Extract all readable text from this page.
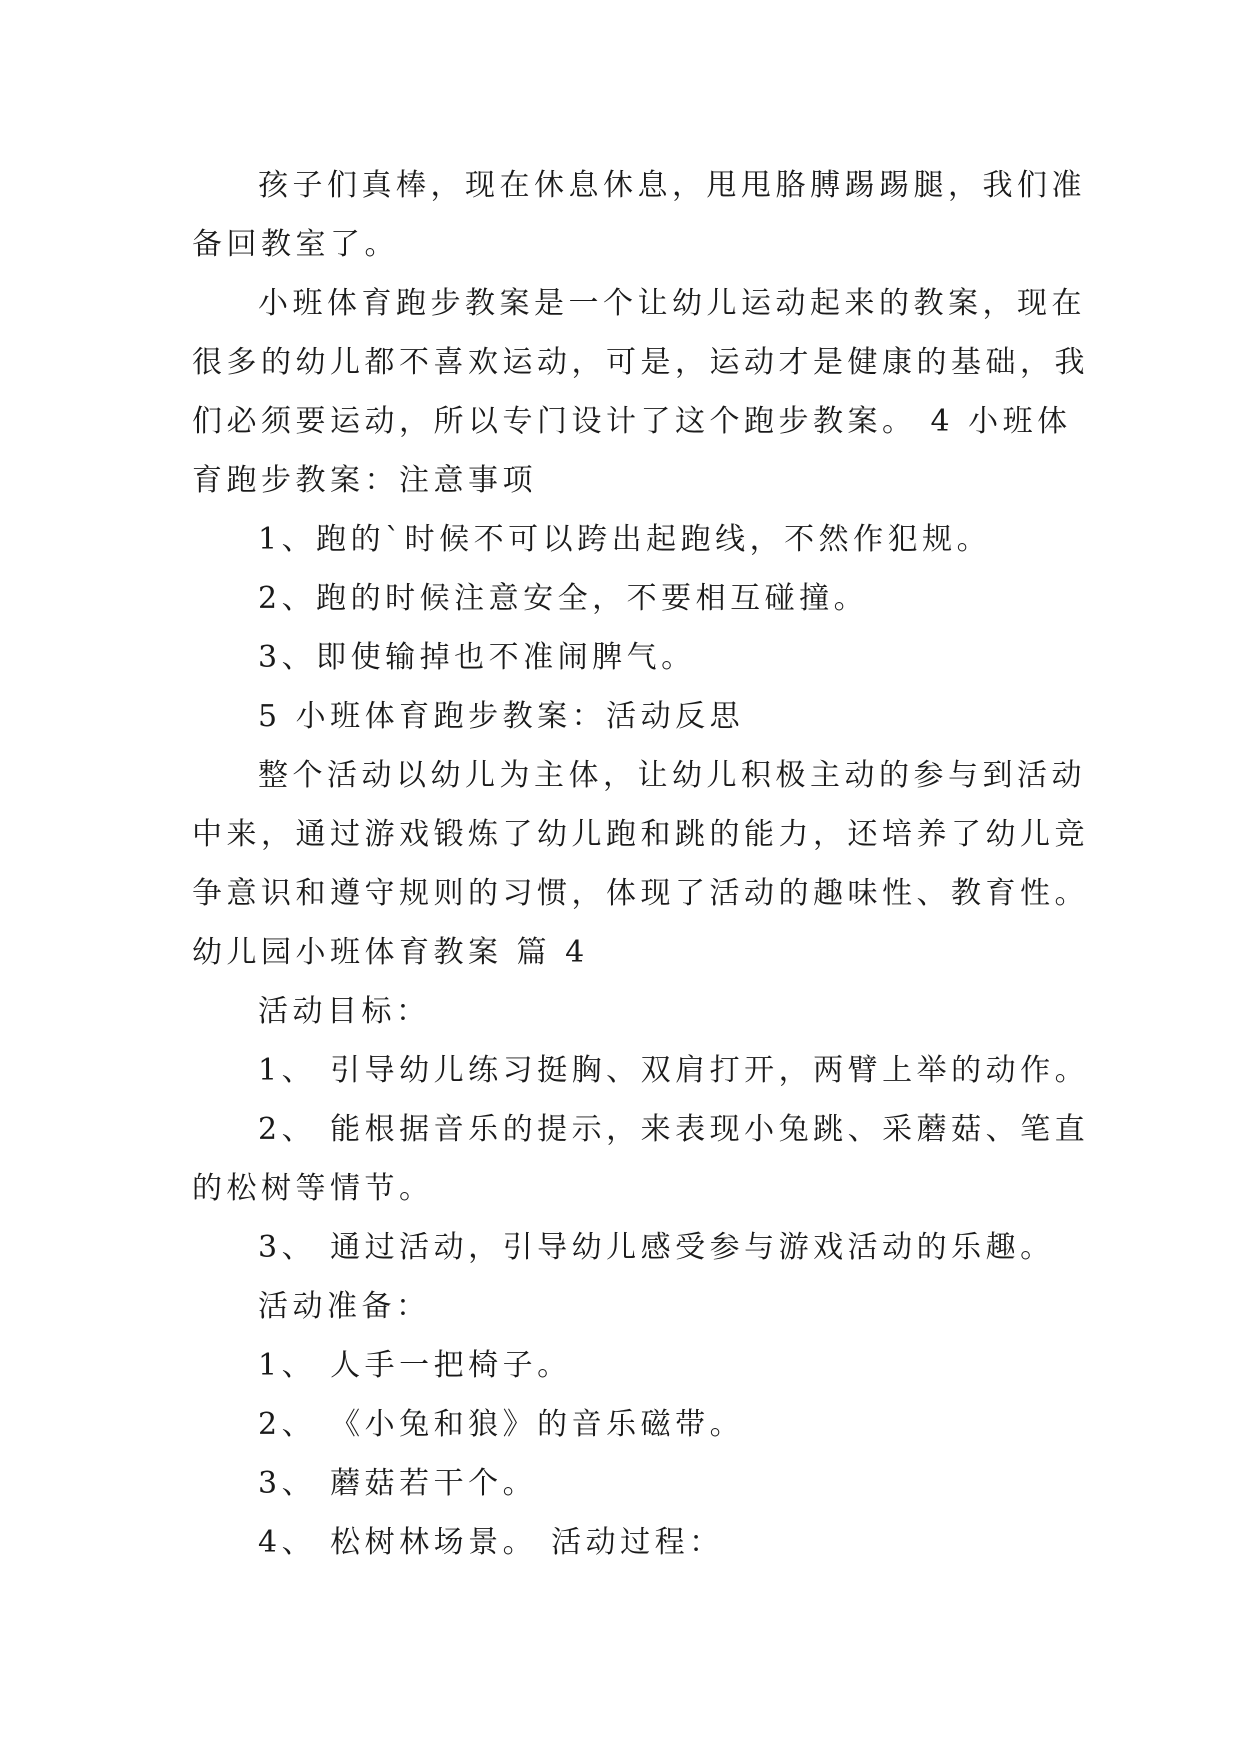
孩子们真棒，现在休息休息，甩甩胳膊踢踢腿，我们准
备回教室了。
小班体育跑步教案是一个让幼儿运动起来的教案，现在
很多的幼儿都不喜欢运动，可是，运动才是健康的基础，我
们必须要运动，所以专门设计了这个跑步教案。 4 小班体
育跑步教案：注意事项
1、跑的`时候不可以跨出起跑线，不然作犯规。
2、跑的时候注意安全，不要相互碰撞。
3、即使输掉也不准闹脾气。
5 小班体育跑步教案：活动反思
整个活动以幼儿为主体，让幼儿积极主动的参与到活动
中来，通过游戏锻炼了幼儿跑和跳的能力，还培养了幼儿竞
争意识和遵守规则的习惯，体现了活动的趣味性、教育性。
幼儿园小班体育教案 篇 4
活动目标：
1、 引导幼儿练习挺胸、双肩打开，两臂上举的动作。
2、 能根据音乐的提示，来表现小兔跳、采蘑菇、笔直
的松树等情节。
3、 通过活动，引导幼儿感受参与游戏活动的乐趣。
活动准备：
1、 人手一把椅子。
2、 《小兔和狼》的音乐磁带。
3、 蘑菇若干个。
4、 松树林场景。 活动过程：
